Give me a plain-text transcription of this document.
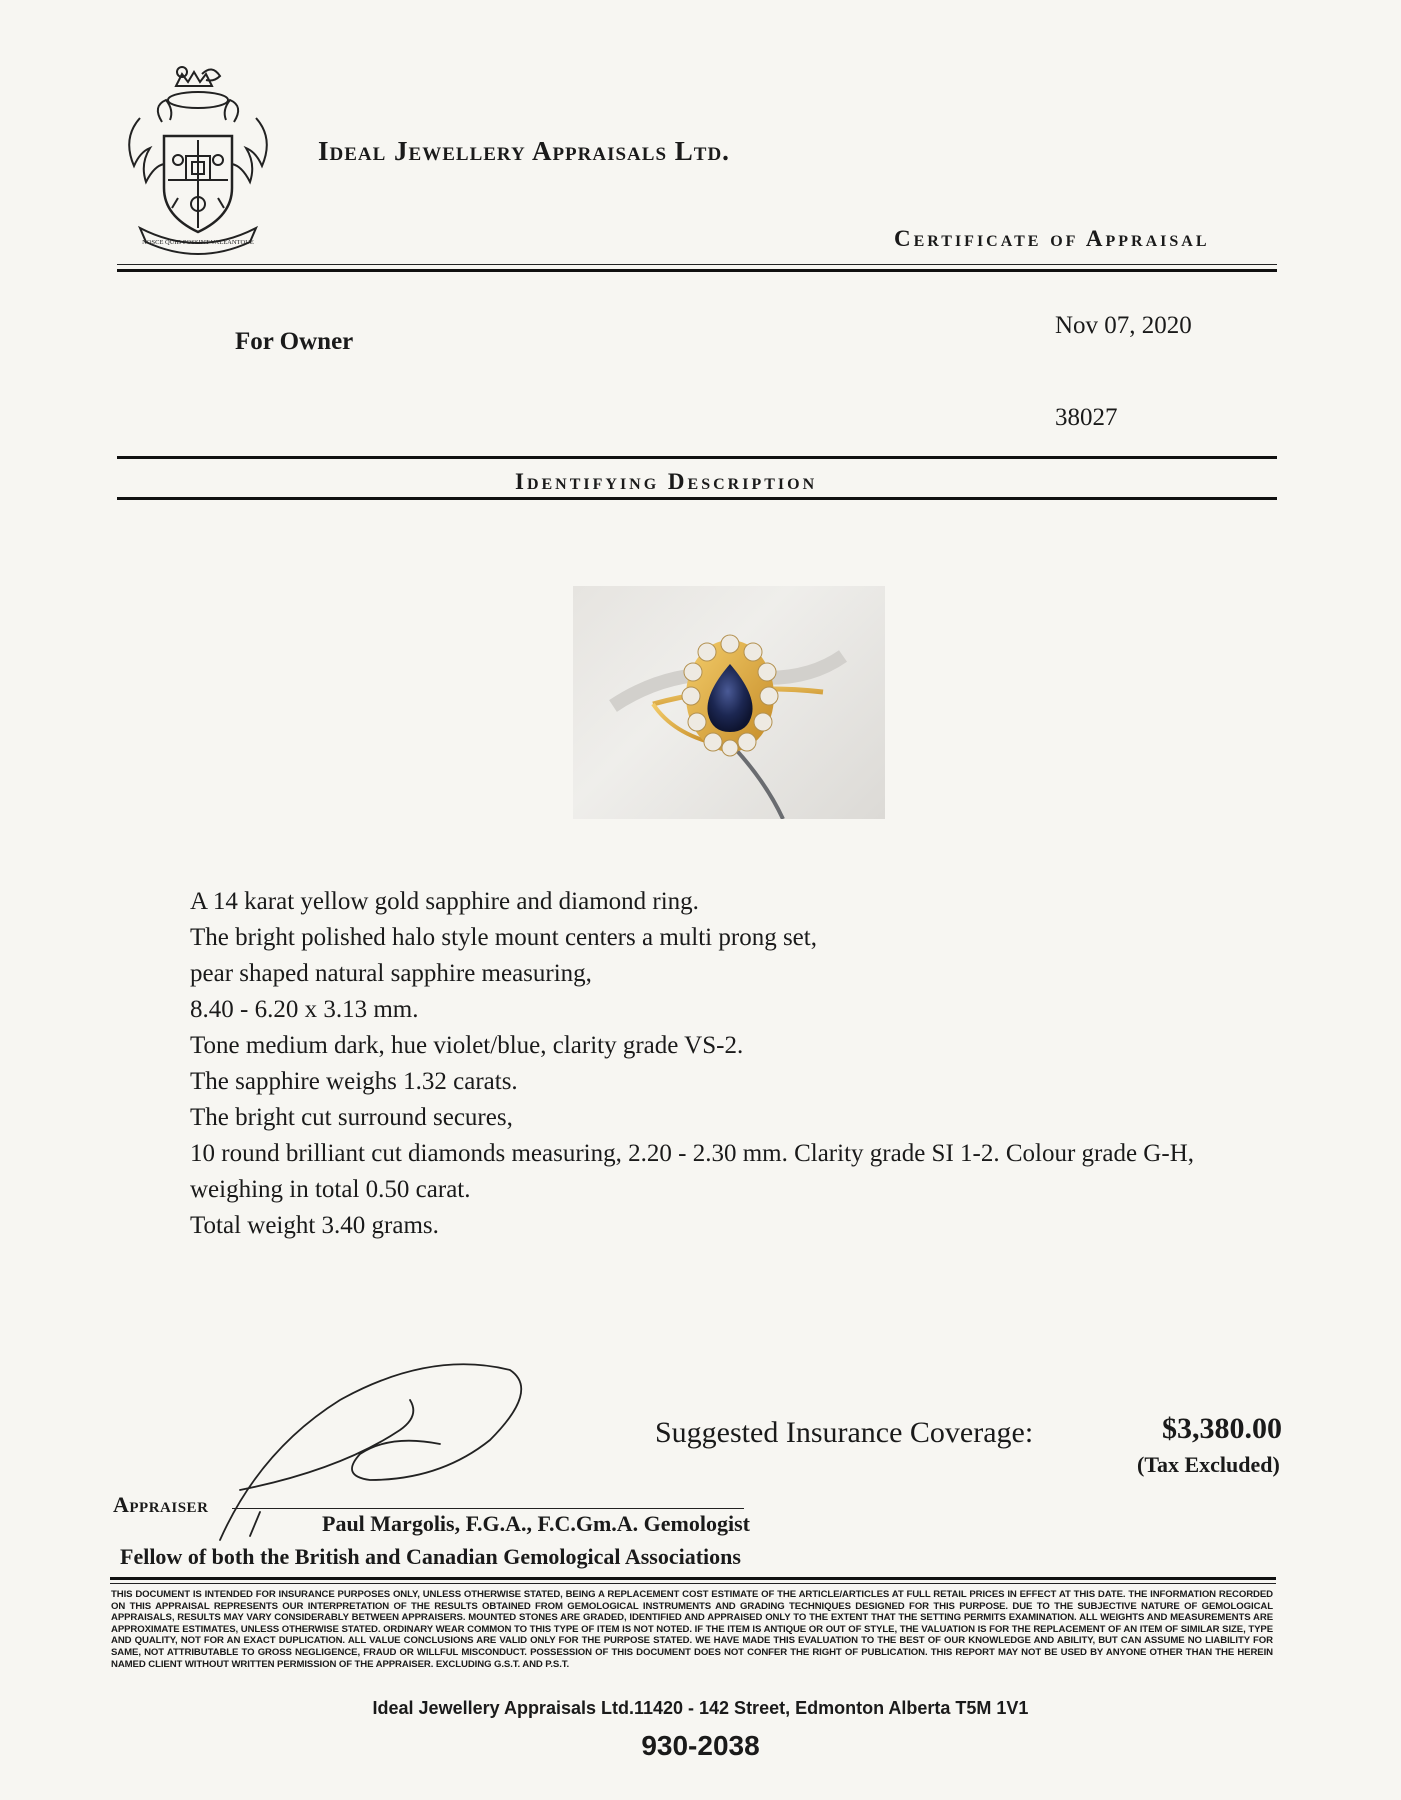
NOSCE QUID POSSINT VALEANTQUE
Ideal Jewellery Appraisals Ltd.
Certificate of Appraisal
For Owner
Nov 07, 2020
38027
Identifying Description
A 14 karat yellow gold sapphire and diamond ring.
The bright polished halo style mount centers a multi prong set,
pear shaped natural sapphire measuring,
8.40 - 6.20 x 3.13 mm.
Tone medium dark, hue violet/blue, clarity grade VS-2.
The sapphire weighs 1.32 carats.
The bright cut surround secures,
10 round brilliant cut diamonds measuring, 2.20 - 2.30 mm. Clarity grade SI 1-2. Colour grade G-H,
weighing in total 0.50 carat.
Total weight 3.40 grams.
Suggested Insurance Coverage:	$3,380.00
(Tax Excluded)
Appraiser
Paul Margolis, F.G.A., F.C.Gm.A. Gemologist
Fellow of both the British and Canadian Gemological Associations
THIS DOCUMENT IS INTENDED FOR INSURANCE PURPOSES ONLY, UNLESS OTHERWISE STATED, BEING A REPLACEMENT COST ESTIMATE OF THE ARTICLE/ARTICLES AT FULL RETAIL PRICES IN EFFECT AT THIS DATE. THE INFORMATION RECORDED ON THIS APPRAISAL REPRESENTS OUR INTERPRETATION OF THE RESULTS OBTAINED FROM GEMOLOGICAL INSTRUMENTS AND GRADING TECHNIQUES DESIGNED FOR THIS PURPOSE. DUE TO THE SUBJECTIVE NATURE OF GEMOLOGICAL APPRAISALS, RESULTS MAY VARY CONSIDERABLY BETWEEN APPRAISERS. MOUNTED STONES ARE GRADED, IDENTIFIED AND APPRAISED ONLY TO THE EXTENT THAT THE SETTING PERMITS EXAMINATION. ALL WEIGHTS AND MEASUREMENTS ARE APPROXIMATE ESTIMATES, UNLESS OTHERWISE STATED. ORDINARY WEAR COMMON TO THIS TYPE OF ITEM IS NOT NOTED. IF THE ITEM IS ANTIQUE OR OUT OF STYLE, THE VALUATION IS FOR THE REPLACEMENT OF AN ITEM OF SIMILAR SIZE, TYPE AND QUALITY, NOT FOR AN EXACT DUPLICATION. ALL VALUE CONCLUSIONS ARE VALID ONLY FOR THE PURPOSE STATED. WE HAVE MADE THIS EVALUATION TO THE BEST OF OUR KNOWLEDGE AND ABILITY, BUT CAN ASSUME NO LIABILITY FOR SAME, NOT ATTRIBUTABLE TO GROSS NEGLIGENCE, FRAUD OR WILLFUL MISCONDUCT. POSSESSION OF THIS DOCUMENT DOES NOT CONFER THE RIGHT OF PUBLICATION. THIS REPORT MAY NOT BE USED BY ANYONE OTHER THAN THE HEREIN NAMED CLIENT WITHOUT WRITTEN PERMISSION OF THE APPRAISER. EXCLUDING G.S.T. AND P.S.T.
Ideal Jewellery Appraisals Ltd.11420 - 142 Street, Edmonton Alberta T5M 1V1
930-2038
